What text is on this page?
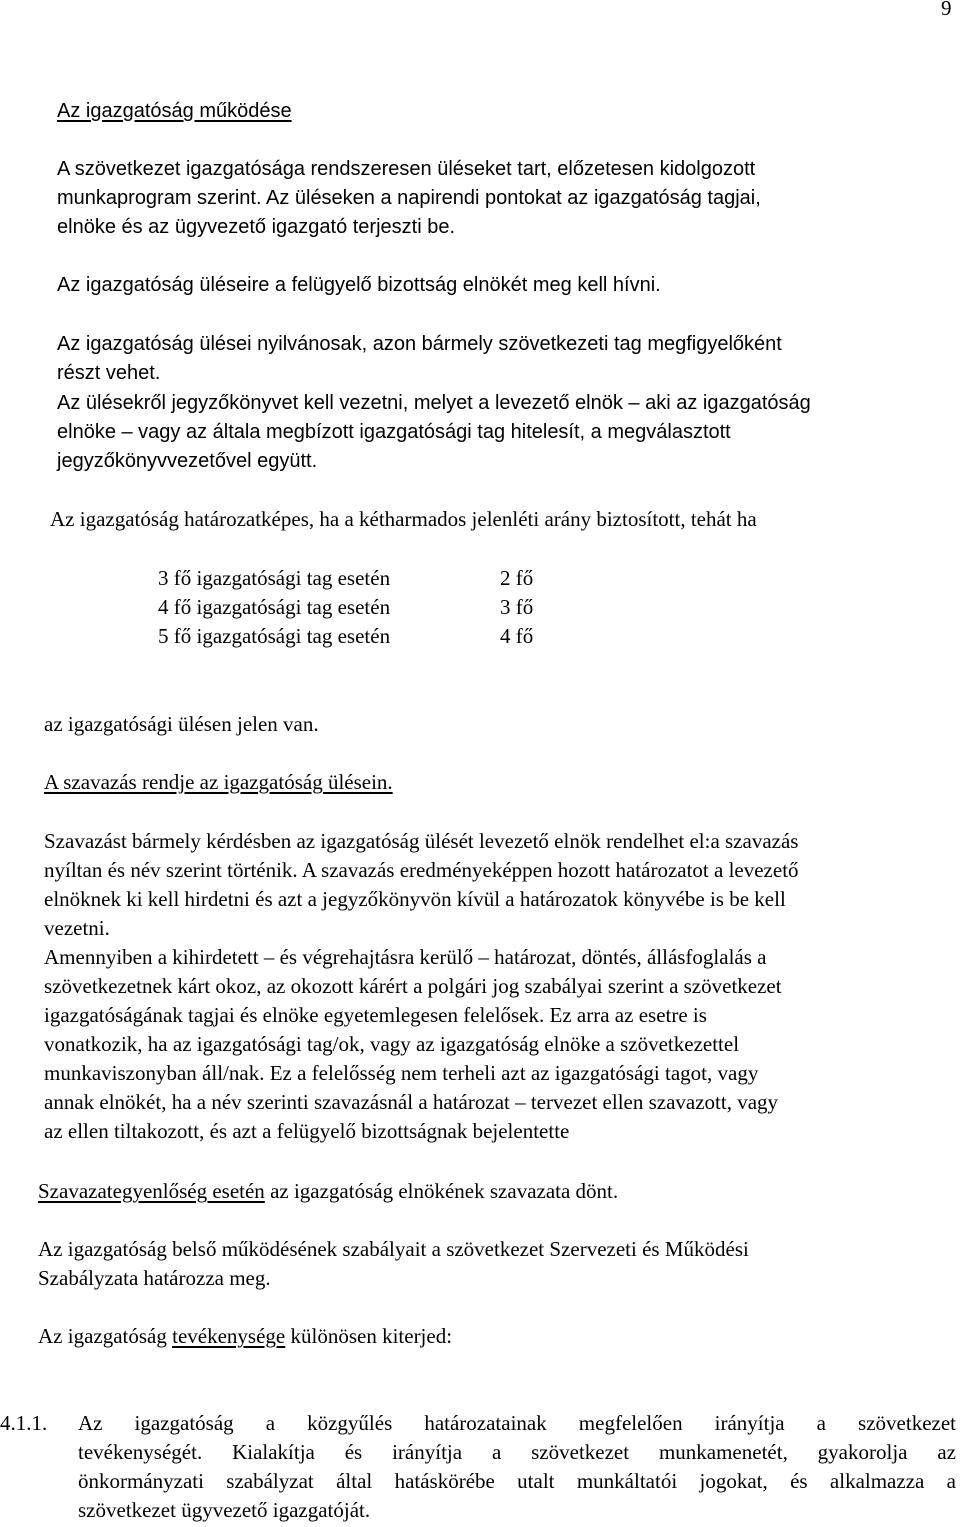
9
Az igazgatóság működése
A szövetkezet igazgatósága rendszeresen üléseket tart, előzetesen kidolgozott
munkaprogram szerint. Az üléseken a napirendi pontokat az igazgatóság tagjai,
elnöke és az ügyvezető igazgató terjeszti be.
Az igazgatóság üléseire a felügyelő bizottság elnökét meg kell hívni.
Az igazgatóság ülései nyilvánosak, azon bármely szövetkezeti tag megfigyelőként
részt vehet.
Az ülésekről jegyzőkönyvet kell vezetni, melyet a levezető elnök – aki az igazgatóság
elnöke – vagy az általa megbízott igazgatósági tag hitelesít, a megválasztott
jegyzőkönyvvezetővel együtt.
Az igazgatóság határozatképes, ha a kétharmados jelenléti arány biztosított, tehát ha
3 fő igazgatósági tag esetén	2 fő
4 fő igazgatósági tag esetén	3 fő
5 fő igazgatósági tag esetén	4 fő
az igazgatósági ülésen jelen van.
A szavazás rendje az igazgatóság ülésein.
Szavazást bármely kérdésben az igazgatóság ülését levezető elnök rendelhet el:a szavazás
nyíltan és név szerint történik. A szavazás eredményeképpen hozott határozatot a levezető
elnöknek ki kell hirdetni és azt a jegyzőkönyvön kívül a határozatok könyvébe is be kell
vezetni.
Amennyiben a kihirdetett – és végrehajtásra kerülő – határozat, döntés, állásfoglalás a
szövetkezetnek kárt okoz, az okozott kárért a polgári jog szabályai szerint a szövetkezet
igazgatóságának tagjai és elnöke egyetemlegesen felelősek. Ez arra az esetre is
vonatkozik, ha az igazgatósági tag/ok, vagy az igazgatóság elnöke a szövetkezettel
munkaviszonyban áll/nak. Ez a felelősség nem terheli azt az igazgatósági tagot, vagy
annak elnökét, ha a név szerinti szavazásnál a határozat – tervezet ellen szavazott, vagy
az ellen tiltakozott, és azt a felügyelő bizottságnak bejelentette
Szavazategyenlőség esetén az igazgatóság elnökének szavazata dönt.
Az igazgatóság belső működésének szabályait a szövetkezet Szervezeti és Működési
Szabályzata határozza meg.
Az igazgatóság tevékenysége különösen kiterjed:
4.1.1. Az igazgatóság a közgyűlés határozatainak megfelelően irányítja a szövetkezet
tevékenységét. Kialakítja és irányítja a szövetkezet munkamenetét, gyakorolja az
önkormányzati szabályzat által hatáskörébe utalt munkáltatói jogokat, és alkalmazza a
szövetkezet ügyvezető igazgatóját.
